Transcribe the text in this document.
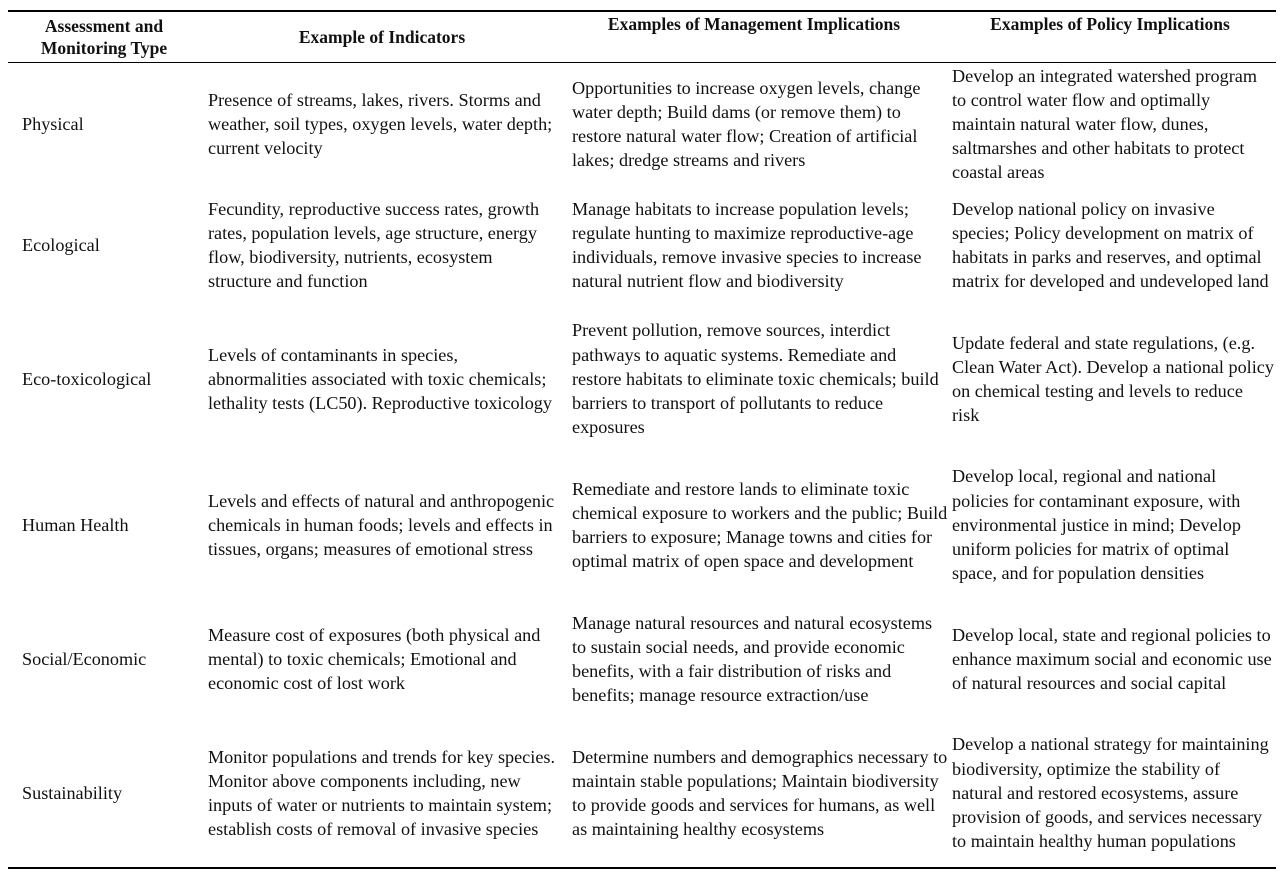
Assessment and Monitoring Type
Example of Indicators
Examples of Management Implications	Examples of Policy Implications
Physical
Presence of streams, lakes, rivers. Storms and weather, soil types, oxygen levels, water depth; current velocity
Opportunities to increase oxygen levels, change water depth; Build dams (or remove them) to restore natural water flow; Creation of artificial lakes; dredge streams and rivers
Develop an integrated watershed program to control water flow and optimally maintain natural water flow, dunes, saltmarshes and other habitats to protect coastal areas
Ecological
Fecundity, reproductive success rates, growth rates, population levels, age structure, energy flow, biodiversity, nutrients, ecosystem structure and function
Manage habitats to increase population levels; regulate hunting to maximize reproductive-age individuals, remove invasive species to increase natural nutrient flow and biodiversity
Develop national policy on invasive species; Policy development on matrix of habitats in parks and reserves, and optimal matrix for developed and undeveloped land
Eco-toxicological
Levels of contaminants in species, abnormalities associated with toxic chemicals; lethality tests (LC50). Reproductive toxicology
Prevent pollution, remove sources, interdict pathways to aquatic systems. Remediate and restore habitats to eliminate toxic chemicals; build barriers to transport of pollutants to reduce exposures
Update federal and state regulations, (e.g. Clean Water Act). Develop a national policy on chemical testing and levels to reduce risk
Human Health
Levels and effects of natural and anthropogenic chemicals in human foods; levels and effects in tissues, organs; measures of emotional stress
Remediate and restore lands to eliminate toxic chemical exposure to workers and the public; Build barriers to exposure; Manage towns and cities for optimal matrix of open space and development
Develop local, regional and national policies for contaminant exposure, with environmental justice in mind; Develop uniform policies for matrix of optimal space, and for population densities
Social/Economic
Measure cost of exposures (both physical and mental) to toxic chemicals; Emotional and economic cost of lost work
Manage natural resources and natural ecosystems to sustain social needs, and provide economic benefits, with a fair distribution of risks and benefits; manage resource extraction/use
Develop local, state and regional policies to enhance maximum social and economic use of natural resources and social capital
Sustainability
Monitor populations and trends for key species. Monitor above components including, new inputs of water or nutrients to maintain system; establish costs of removal of invasive species
Determine numbers and demographics necessary to maintain stable populations; Maintain biodiversity to provide goods and services for humans, as well as maintaining healthy ecosystems
Develop a national strategy for maintaining biodiversity, optimize the stability of natural and restored ecosystems, assure provision of goods, and services necessary to maintain healthy human populations
